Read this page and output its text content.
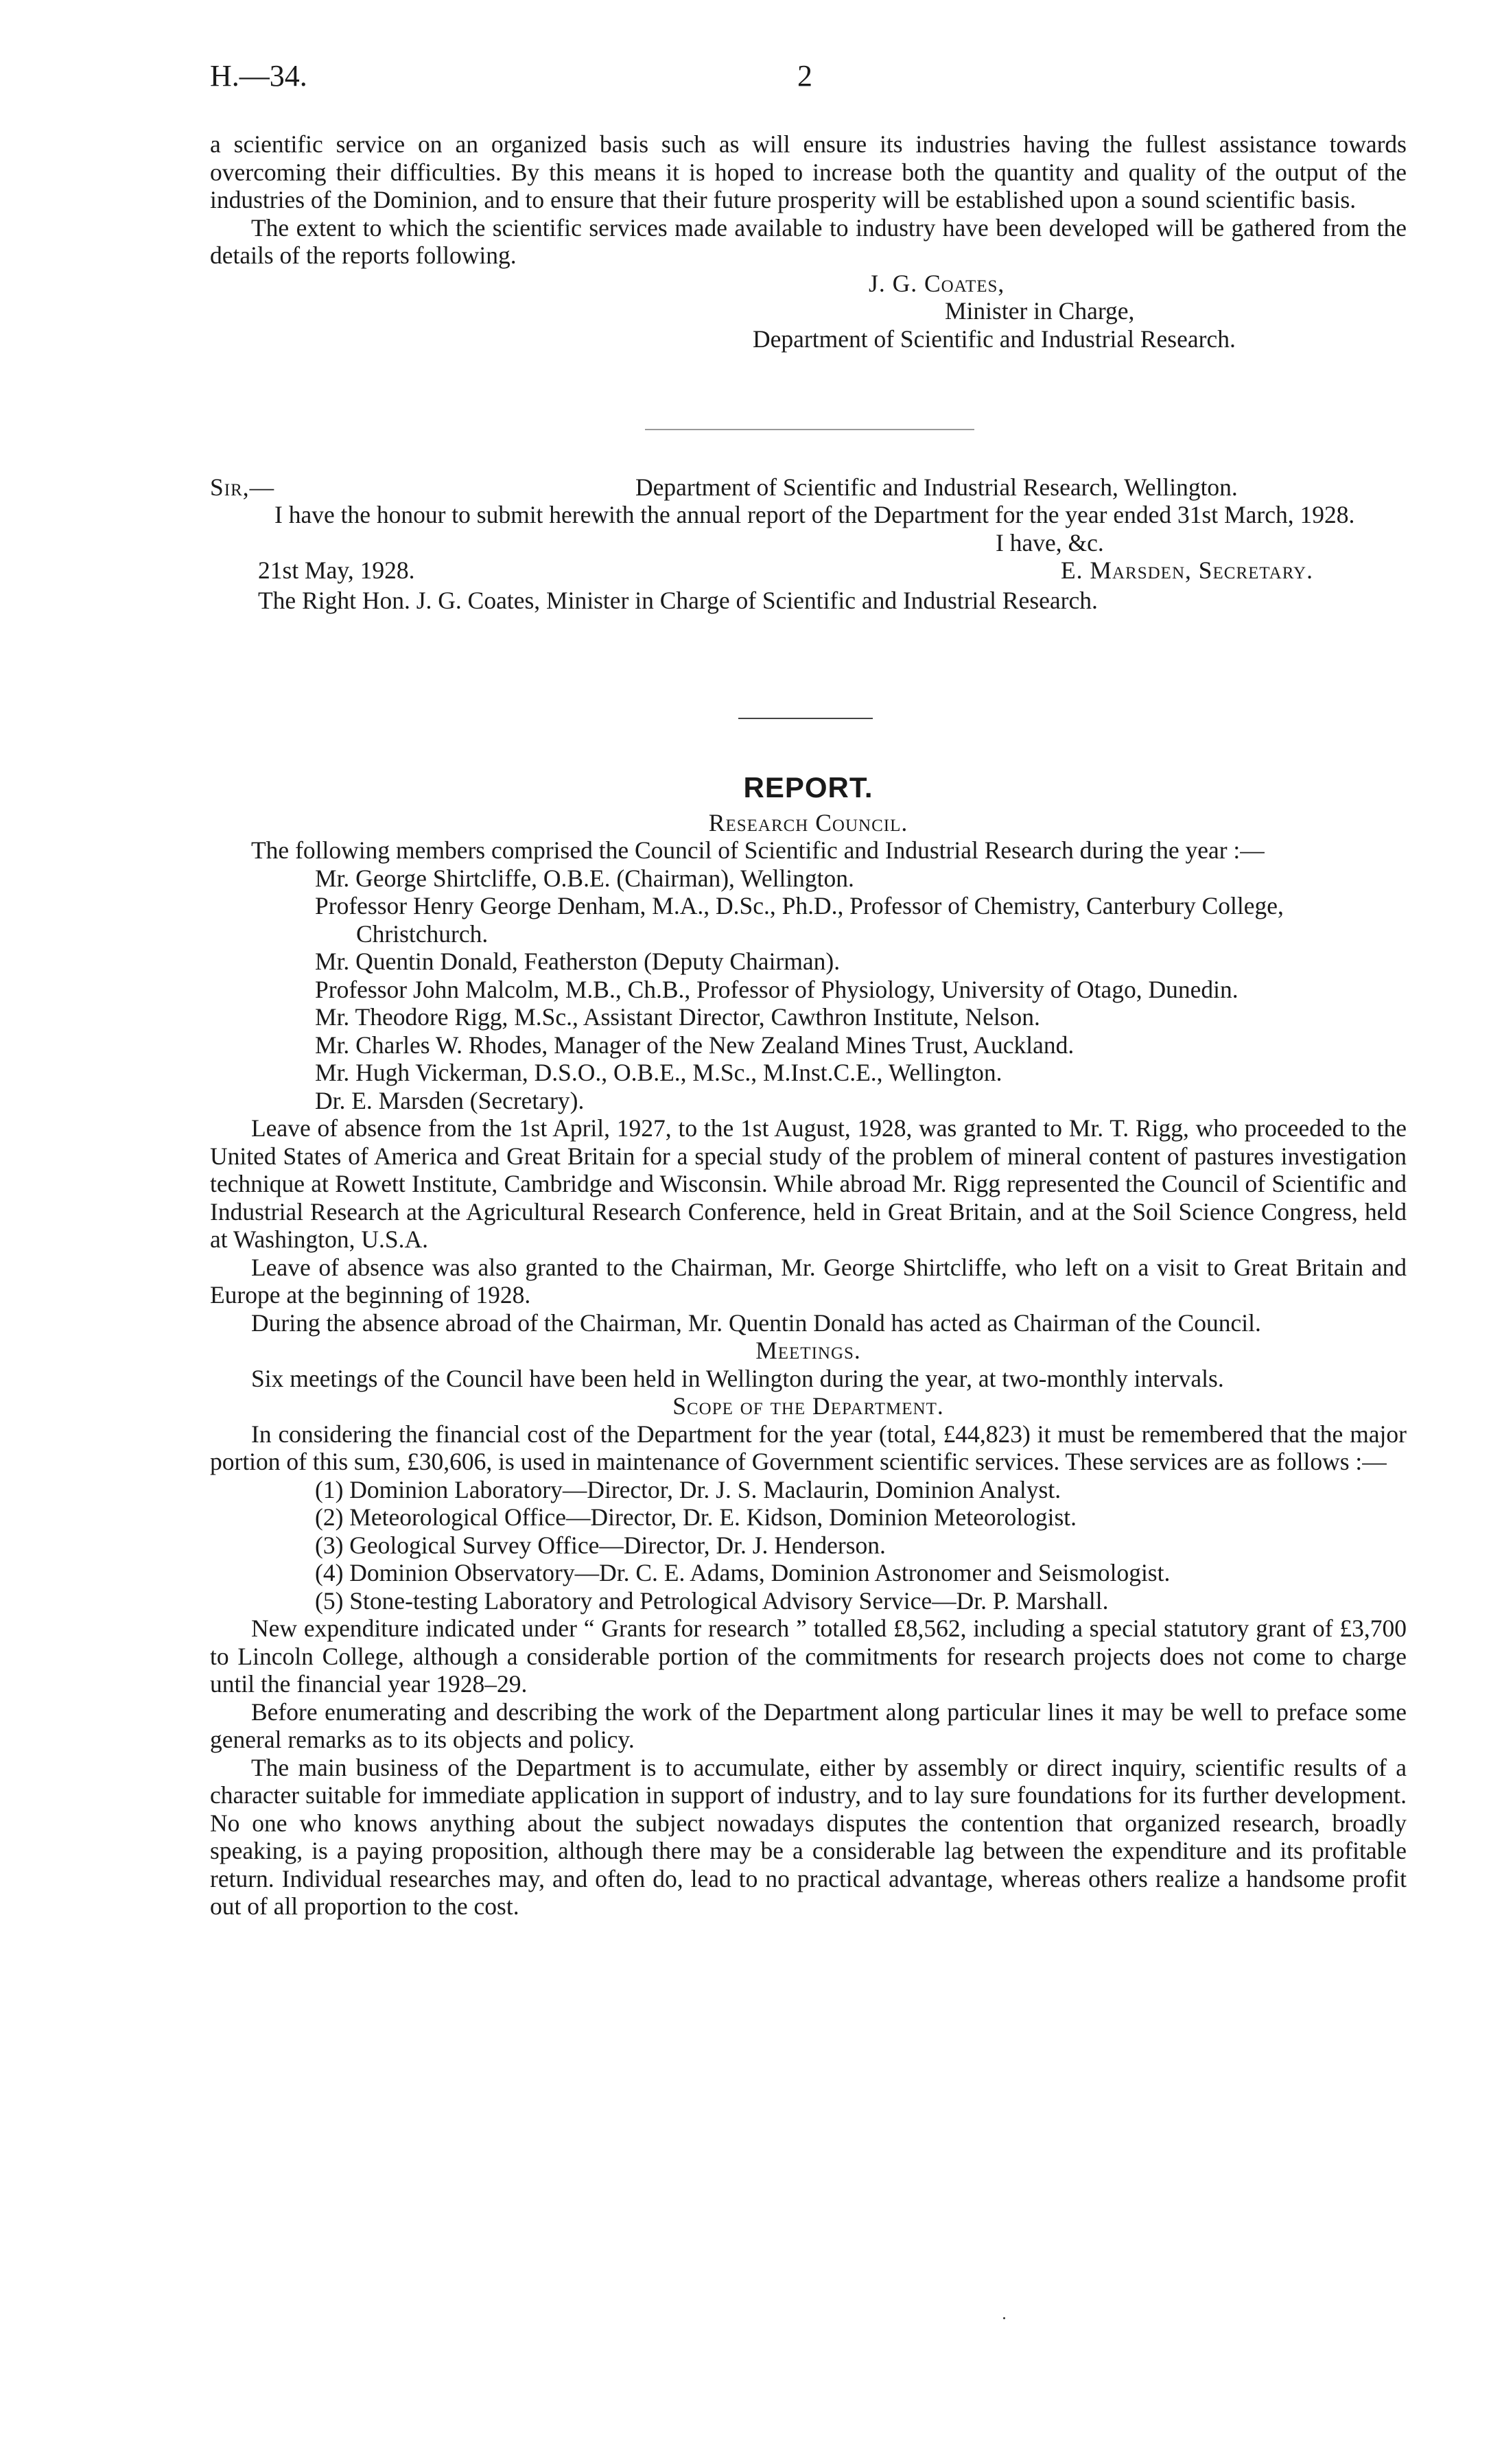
H.—34.	2

a scientific service on an organized basis such as will ensure its industries having the fullest assistance towards overcoming their difficulties. By this means it is hoped to increase both the quantity and quality of the output of the industries of the Dominion, and to ensure that their future prosperity will be established upon a sound scientific basis.

The extent to which the scientific services made available to industry have been developed will be gathered from the details of the reports following.

J. G. Coates,
Minister in Charge,
Department of Scientific and Industrial Research.
Sir,—	Department of Scientific and Industrial Research, Wellington.

I have the honour to submit herewith the annual report of the Department for the year ended 31st March, 1928.

I have, &c.
21st May, 1928.	E. Marsden, Secretary.
The Right Hon. J. G. Coates, Minister in Charge of Scientific and Industrial Research.
REPORT.
Research Council.

The following members comprised the Council of Scientific and Industrial Research during the year :—

Mr. George Shirtcliffe, O.B.E. (Chairman), Wellington.
Professor Henry George Denham, M.A., D.Sc., Ph.D., Professor of Chemistry, Canterbury College, Christchurch.
Mr. Quentin Donald, Featherston (Deputy Chairman).
Professor John Malcolm, M.B., Ch.B., Professor of Physiology, University of Otago, Dunedin.
Mr. Theodore Rigg, M.Sc., Assistant Director, Cawthron Institute, Nelson.
Mr. Charles W. Rhodes, Manager of the New Zealand Mines Trust, Auckland.
Mr. Hugh Vickerman, D.S.O., O.B.E., M.Sc., M.Inst.C.E., Wellington.
Dr. E. Marsden (Secretary).

Leave of absence from the 1st April, 1927, to the 1st August, 1928, was granted to Mr. T. Rigg, who proceeded to the United States of America and Great Britain for a special study of the problem of mineral content of pastures investigation technique at Rowett Institute, Cambridge and Wisconsin. While abroad Mr. Rigg represented the Council of Scientific and Industrial Research at the Agricultural Research Conference, held in Great Britain, and at the Soil Science Congress, held at Washington, U.S.A.

Leave of absence was also granted to the Chairman, Mr. George Shirtcliffe, who left on a visit to Great Britain and Europe at the beginning of 1928.

During the absence abroad of the Chairman, Mr. Quentin Donald has acted as Chairman of the Council.

Meetings.

Six meetings of the Council have been held in Wellington during the year, at two-monthly intervals.

Scope of the Department.

In considering the financial cost of the Department for the year (total, £44,823) it must be remembered that the major portion of this sum, £30,606, is used in maintenance of Government scientific services. These services are as follows :—

(1) Dominion Laboratory—Director, Dr. J. S. Maclaurin, Dominion Analyst.
(2) Meteorological Office—Director, Dr. E. Kidson, Dominion Meteorologist.
(3) Geological Survey Office—Director, Dr. J. Henderson.
(4) Dominion Observatory—Dr. C. E. Adams, Dominion Astronomer and Seismologist.
(5) Stone-testing Laboratory and Petrological Advisory Service—Dr. P. Marshall.

New expenditure indicated under “ Grants for research ” totalled £8,562, including a special statutory grant of £3,700 to Lincoln College, although a considerable portion of the commitments for research projects does not come to charge until the financial year 1928–29.

Before enumerating and describing the work of the Department along particular lines it may be well to preface some general remarks as to its objects and policy.

The main business of the Department is to accumulate, either by assembly or direct inquiry, scientific results of a character suitable for immediate application in support of industry, and to lay sure foundations for its further development. No one who knows anything about the subject nowadays disputes the contention that organized research, broadly speaking, is a paying proposition, although there may be a considerable lag between the expenditure and its profitable return. Individual researches may, and often do, lead to no practical advantage, whereas others realize a handsome profit out of all proportion to the cost.
